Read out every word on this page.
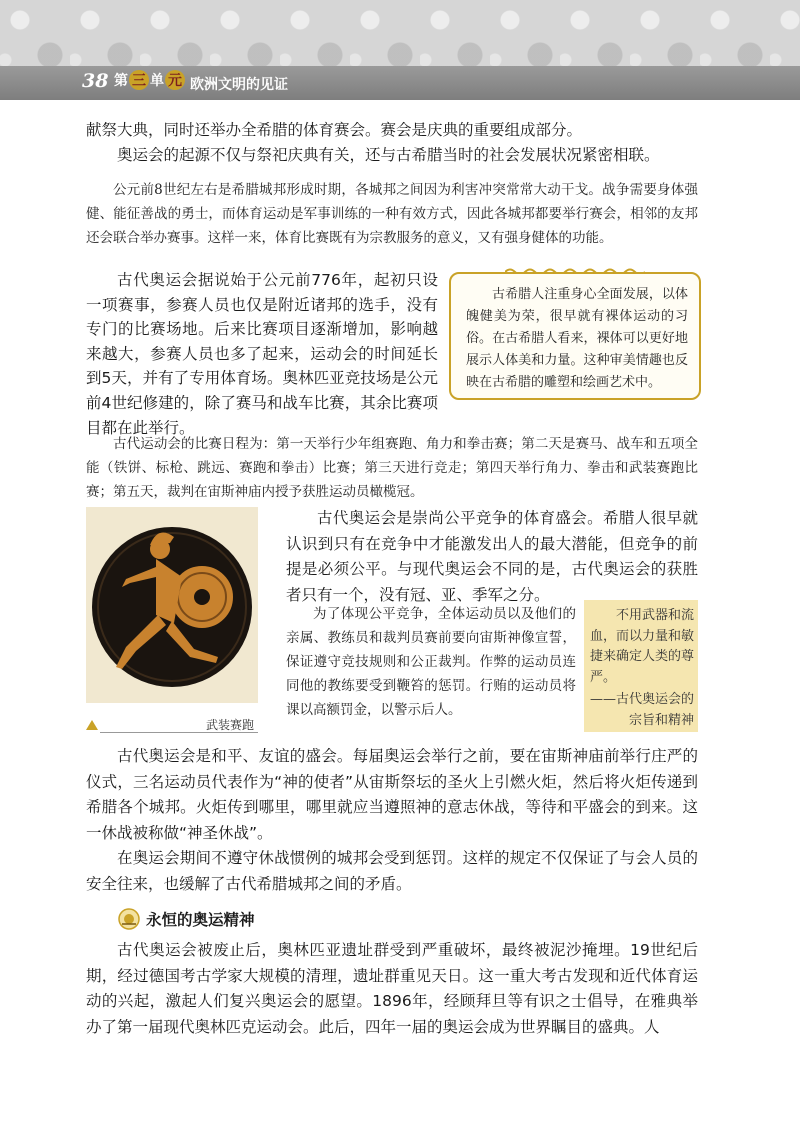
38 第 三 单 元 欧洲文明的见证

献祭大典，同时还举办全希腊的体育赛会。赛会是庆典的重要组成部分。

奥运会的起源不仅与祭祀庆典有关，还与古希腊当时的社会发展状况紧密相联。

公元前8世纪左右是希腊城邦形成时期，各城邦之间因为利害冲突常常大动干戈。战争需要身体强健、能征善战的勇士，而体育运动是军事训练的一种有效方式，因此各城邦都要举行赛会，相邻的友邦还会联合举办赛事。这样一来，体育比赛既有为宗教服务的意义，又有强身健体的功能。

古代奥运会据说始于公元前776年，起初只设一项赛事，参赛人员也仅是附近诸邦的选手，没有专门的比赛场地。后来比赛项目逐渐增加，影响越来越大，参赛人员也多了起来，运动会的时间延长到5天，并有了专用体育场。奥林匹亚竞技场是公元前4世纪修建的，除了赛马和战车比赛，其余比赛项目都在此举行。

古希腊人注重身心全面发展，以体魄健美为荣，很早就有裸体运动的习俗。在古希腊人看来，裸体可以更好地展示人体美和力量。这种审美情趣也反映在古希腊的雕塑和绘画艺术中。

古代运动会的比赛日程为：第一天举行少年组赛跑、角力和拳击赛；第二天是赛马、战车和五项全能（铁饼、标枪、跳远、赛跑和拳击）比赛；第三天进行竞走；第四天举行角力、拳击和武装赛跑比赛；第五天，裁判在宙斯神庙内授予获胜运动员橄榄冠。

武装赛跑

古代奥运会是崇尚公平竞争的体育盛会。希腊人很早就认识到只有在竞争中才能激发出人的最大潜能，但竞争的前提是必须公平。与现代奥运会不同的是，古代奥运会的获胜者只有一个，没有冠、亚、季军之分。

为了体现公平竞争，全体运动员以及他们的亲属、教练员和裁判员赛前要向宙斯神像宣誓，保证遵守竞技规则和公正裁判。作弊的运动员连同他的教练要受到鞭笞的惩罚。行贿的运动员将课以高额罚金，以警示后人。

不用武器和流血，而以力量和敏捷来确定人类的尊严。

——古代奥运会的宗旨和精神

古代奥运会是和平、友谊的盛会。每届奥运会举行之前，要在宙斯神庙前举行庄严的仪式，三名运动员代表作为“神的使者”从宙斯祭坛的圣火上引燃火炬，然后将火炬传递到希腊各个城邦。火炬传到哪里，哪里就应当遵照神的意志休战，等待和平盛会的到来。这一休战被称做“神圣休战”。

在奥运会期间不遵守休战惯例的城邦会受到惩罚。这样的规定不仅保证了与会人员的安全往来，也缓解了古代希腊城邦之间的矛盾。

永恒的奥运精神

古代奥运会被废止后，奥林匹亚遗址群受到严重破坏，最终被泥沙掩埋。19世纪后期，经过德国考古学家大规模的清理，遗址群重见天日。这一重大考古发现和近代体育运动的兴起，激起人们复兴奥运会的愿望。1896年，经顾拜旦等有识之士倡导，在雅典举办了第一届现代奥林匹克运动会。此后，四年一届的奥运会成为世界瞩目的盛典。人
